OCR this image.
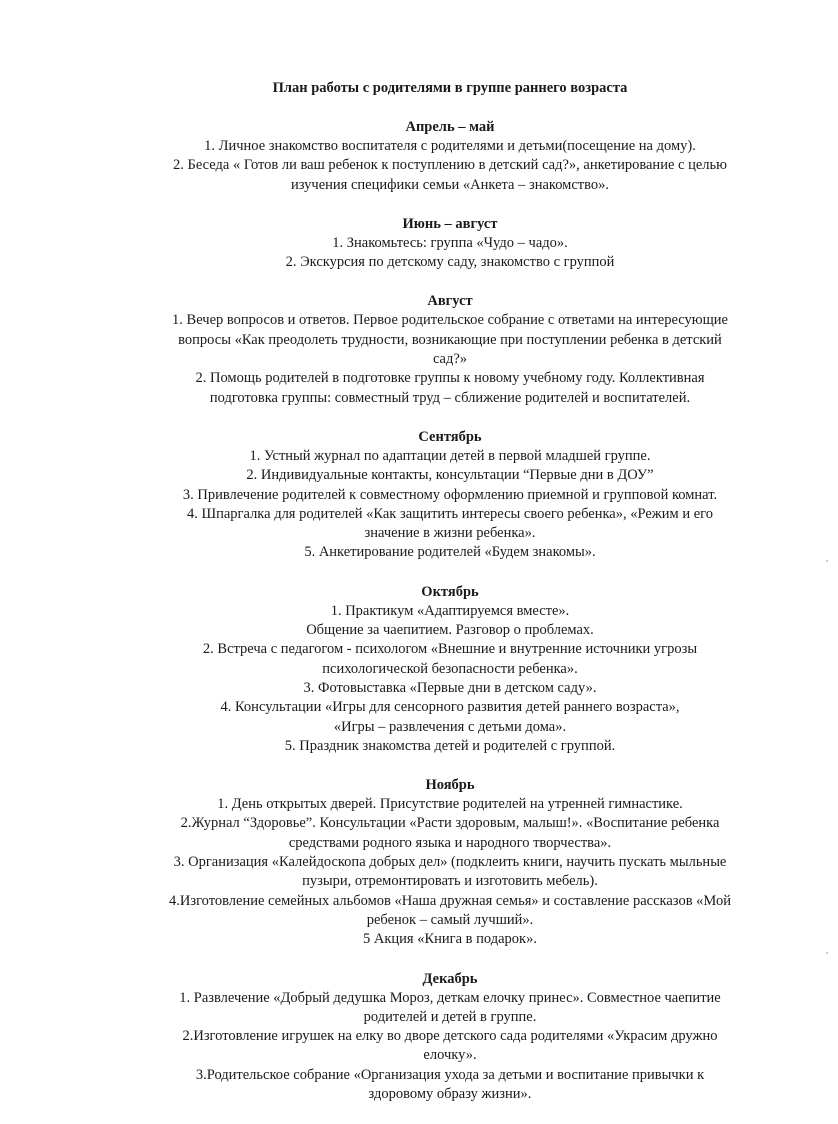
План работы с родителями в группе раннего возраста

Апрель – май

1. Личное знакомство воспитателя с родителями и детьми(посещение на дому).

2. Беседа « Готов ли ваш ребенок к поступлению в детский сад?», анкетирование с целью

изучения специфики семьи «Анкета – знакомство».

Июнь – август

1. Знакомьтесь: группа «Чудо – чадо».

2. Экскурсия по детскому саду, знакомство с группой

Август

1. Вечер вопросов и ответов. Первое родительское собрание с ответами на интересующие

вопросы «Как преодолеть трудности, возникающие при поступлении ребенка в детский

сад?»

2. Помощь родителей в подготовке группы к новому учебному году. Коллективная

подготовка группы: совместный труд – сближение родителей и воспитателей.

Сентябрь

1. Устный журнал по адаптации детей в первой младшей группе.

2. Индивидуальные контакты, консультации “Первые дни в ДОУ”

3. Привлечение родителей к совместному оформлению приемной и групповой комнат.

4. Шпаргалка для родителей «Как защитить интересы своего ребенка», «Режим и его

значение в жизни ребенка».

5. Анкетирование родителей «Будем знакомы».

Октябрь

1. Практикум «Адаптируемся вместе».

Общение за чаепитием. Разговор о проблемах.

2. Встреча с педагогом - психологом «Внешние и внутренние источники угрозы

психологической безопасности ребенка».

3. Фотовыставка «Первые дни в детском саду».

4. Консультации «Игры для сенсорного развития детей раннего возраста»,

«Игры – развлечения с детьми дома».

5. Праздник знакомства детей и родителей с группой.

Ноябрь

1. День открытых дверей. Присутствие родителей на утренней гимнастике.

2.Журнал “Здоровье”. Консультации «Расти здоровым, малыш!». «Воспитание ребенка

средствами родного языка и народного творчества».

3. Организация «Калейдоскопа добрых дел» (подклеить книги, научить пускать мыльные

пузыри, отремонтировать и изготовить мебель).

4.Изготовление семейных альбомов «Наша дружная семья» и составление рассказов «Мой

ребенок – самый лучший».

5 Акция «Книга в подарок».

Декабрь

1. Развлечение «Добрый дедушка Мороз, деткам елочку принес». Совместное чаепитие

родителей и детей в группе.

2.Изготовление игрушек на елку во дворе детского сада родителями «Украсим дружно

елочку».

3.Родительское собрание «Организация ухода за детьми и воспитание привычки к

здоровому образу жизни».
